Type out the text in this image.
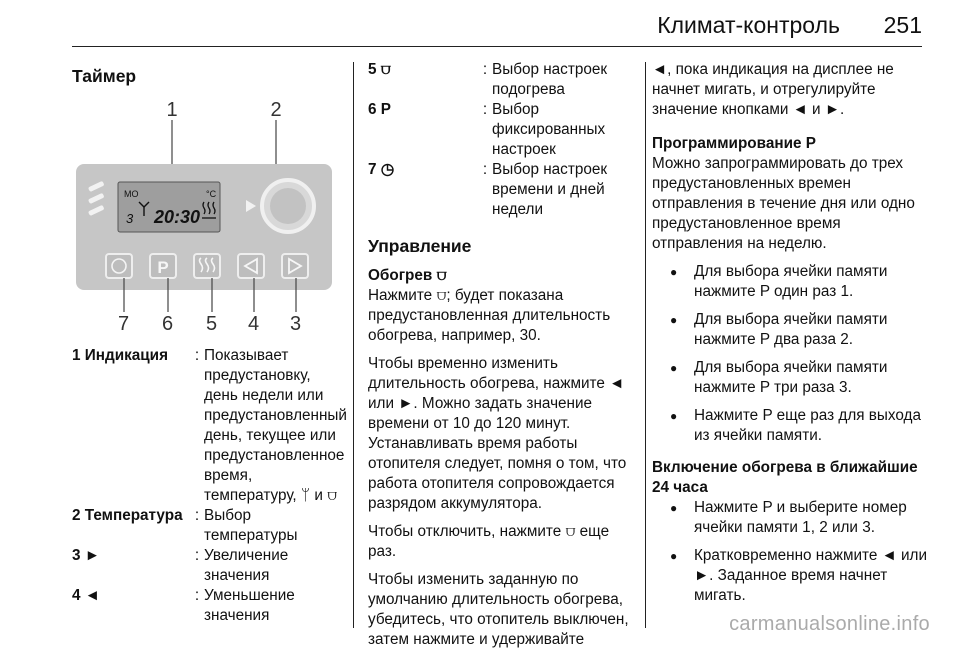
Климат-контроль 251
Таймер
1	2
MO	°C
3 20:30
P
7 6 5 4 3
1 Индикация	: Показывает предустановку, день недели или предустановленный день, текущее или предустановленное время, температуру, ᛘ и ⩌
2 Температура : Выбор температуры
3 ►	: Увеличение значения
4 ◄	: Уменьшение значения
5 ⩌	: Выбор настроек подогрева
6 P	: Выбор фиксированных настроек
7 ◷	: Выбор настроек времени и дней недели
Управление
Обогрев ⩌

Нажмите ⩌; будет показана предустановленная длительность обогрева, например, 30.

Чтобы временно изменить длительность обогрева, нажмите ◄ или ►. Можно задать значение времени от 10 до 120 минут. Устанавливать время работы отопителя следует, помня о том, что работа отопителя сопровождается разрядом аккумулятора.

Чтобы отключить, нажмите ⩌ еще раз.

Чтобы изменить заданную по умолчанию длительность обогрева, убедитесь, что отопитель выключен, затем нажмите и удерживайте

◄, пока индикация на дисплее не начнет мигать, и отрегулируйте значение кнопками ◄ и ►.

Программирование P

Можно запрограммировать до трех предустановленных времен отправления в течение дня или одно предустановленное время отправления на неделю.

● Для выбора ячейки памяти нажмите P один раз 1.
● Для выбора ячейки памяти нажмите P два раза 2.
● Для выбора ячейки памяти нажмите P три раза 3.
● Нажмите P еще раз для выхода из ячейки памяти.
Включение обогрева в ближайшие 24 часа
● Нажмите P и выберите номер ячейки памяти 1, 2 или 3.
● Кратковременно нажмите ◄ или ►. Заданное время начнет мигать.
carmanualsonline.info
